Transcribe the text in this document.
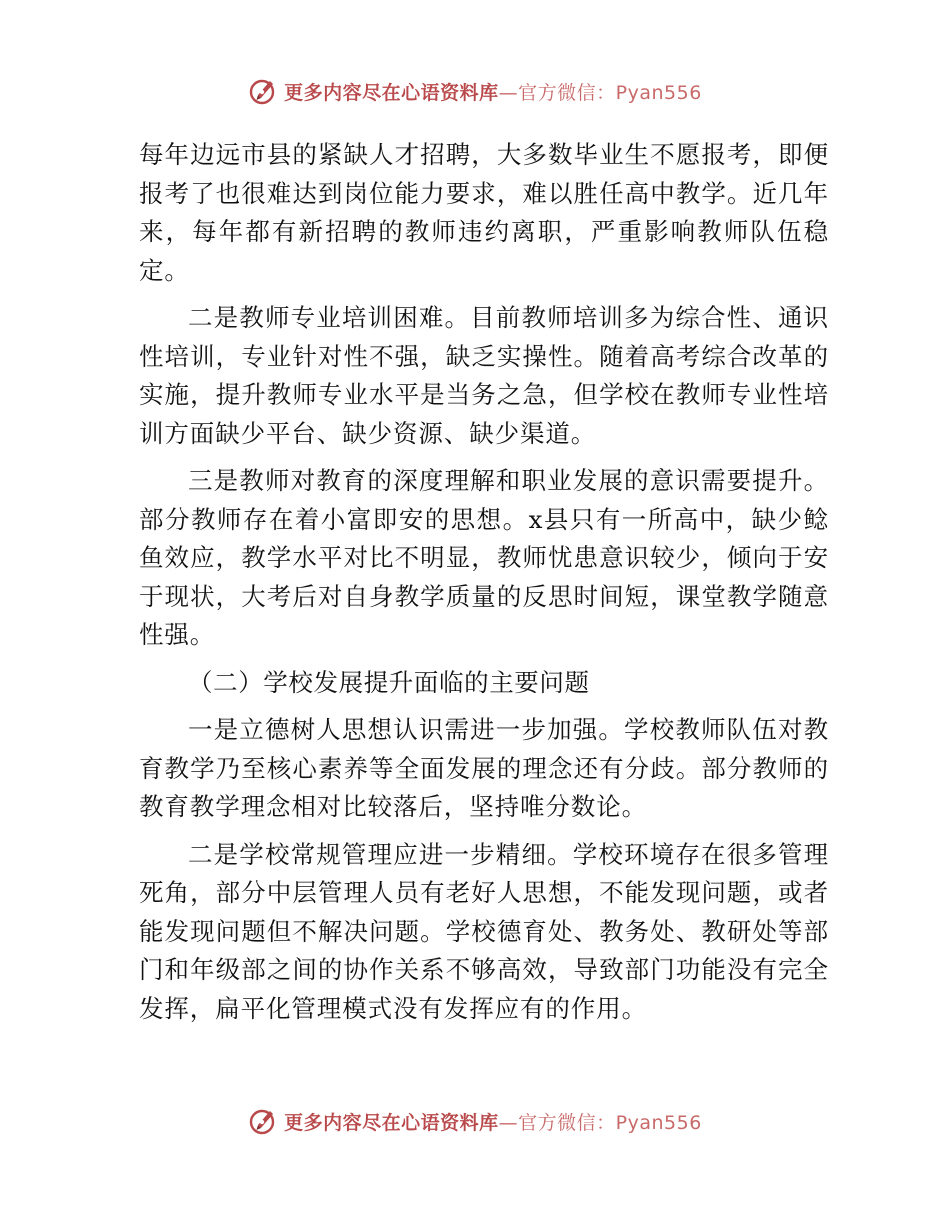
更多内容尽在心语资料库—官方微信：Pyan556

每年边远市县的紧缺人才招聘，大多数毕业生不愿报考，即便报考了也很难达到岗位能力要求，难以胜任高中教学。近几年来，每年都有新招聘的教师违约离职，严重影响教师队伍稳定。

二是教师专业培训困难。目前教师培训多为综合性、通识性培训，专业针对性不强，缺乏实操性。随着高考综合改革的实施，提升教师专业水平是当务之急，但学校在教师专业性培训方面缺少平台、缺少资源、缺少渠道。

三是教师对教育的深度理解和职业发展的意识需要提升。部分教师存在着小富即安的思想。x县只有一所高中，缺少鲶鱼效应，教学水平对比不明显，教师忧患意识较少，倾向于安于现状，大考后对自身教学质量的反思时间短，课堂教学随意性强。

（二）学校发展提升面临的主要问题

一是立德树人思想认识需进一步加强。学校教师队伍对教育教学乃至核心素养等全面发展的理念还有分歧。部分教师的教育教学理念相对比较落后，坚持唯分数论。

二是学校常规管理应进一步精细。学校环境存在很多管理死角，部分中层管理人员有老好人思想，不能发现问题，或者能发现问题但不解决问题。学校德育处、教务处、教研处等部门和年级部之间的协作关系不够高效，导致部门功能没有完全发挥，扁平化管理模式没有发挥应有的作用。

更多内容尽在心语资料库—官方微信：Pyan556
